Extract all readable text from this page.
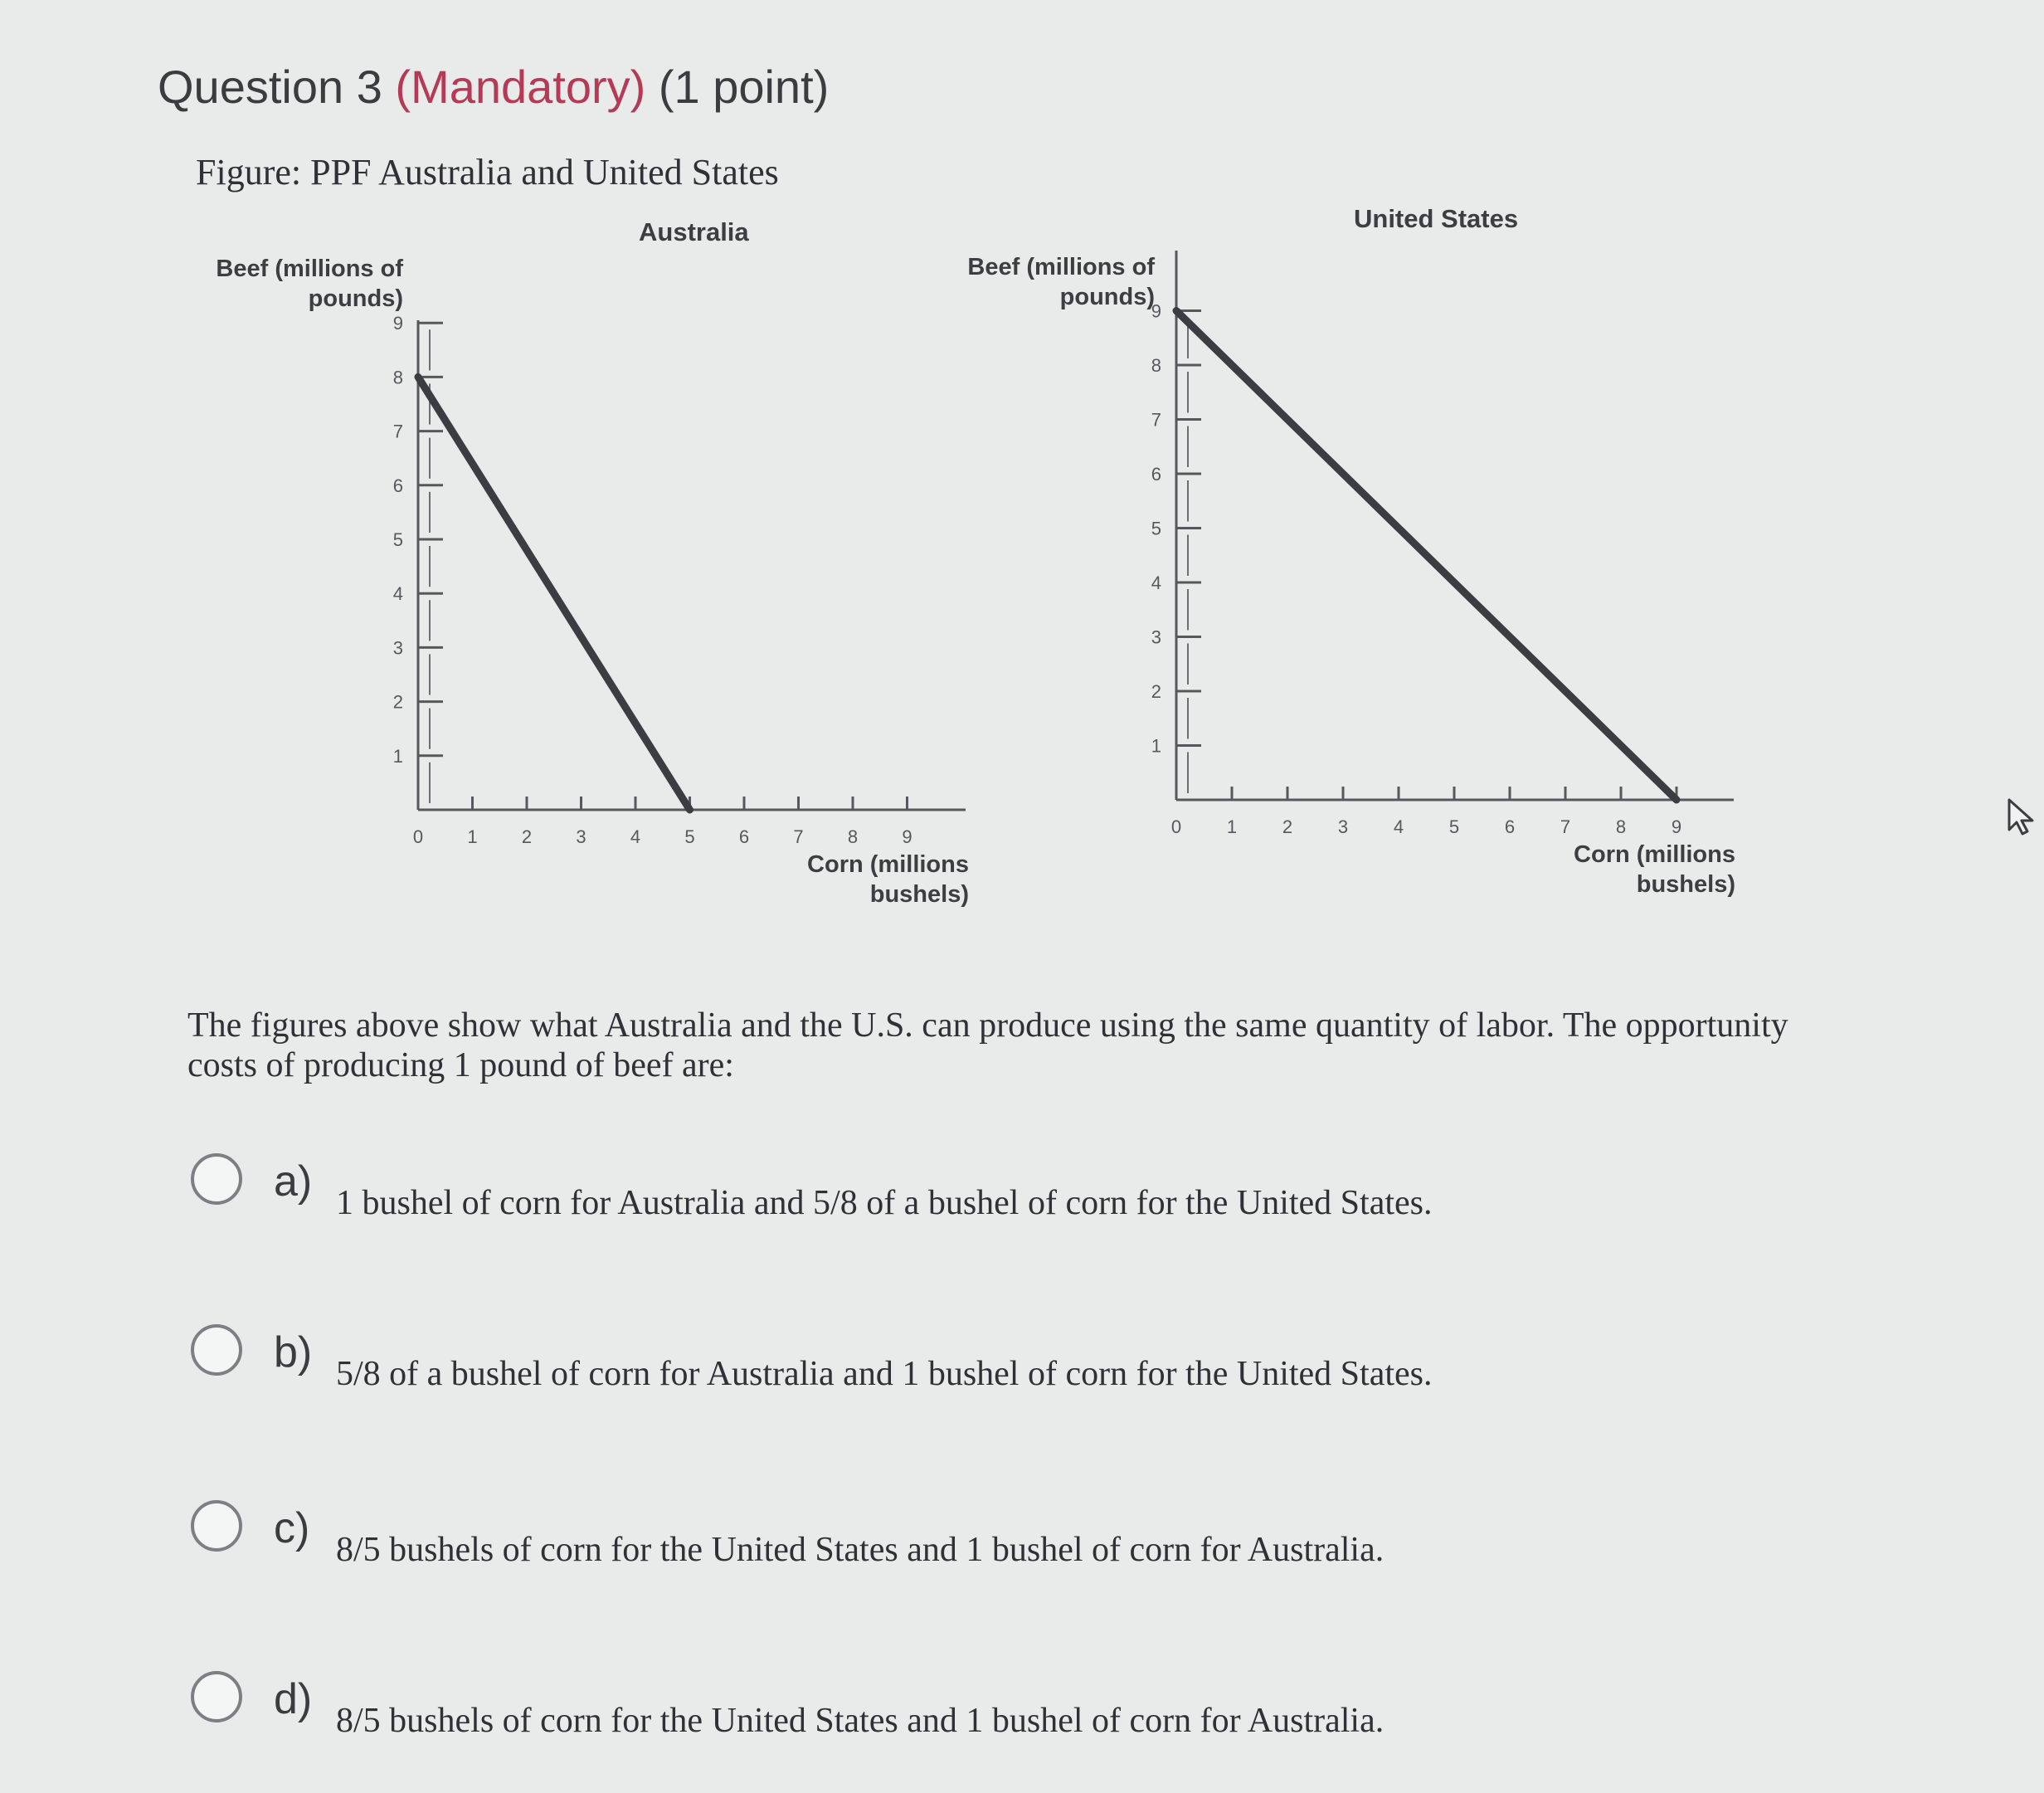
Question 3 (Mandatory) (1 point)
Figure: PPF Australia and United States
Australia
Beef (millions of
pounds)
Corn (millions
bushels)
United States
Beef (millions of
pounds)
Corn (millions
bushels)
0 1 2 3 4 5 6 7 8 9
1
2
3
4
5
6
7
8
9
0 1 2 3 4 5 6 7 8 9
1
2
3
4
5
6
7
8
9
The figures above show what Australia and the U.S. can produce using the same quantity of labor. The opportunity costs of producing 1 pound of beef are:
a) 1 bushel of corn for Australia and 5/8 of a bushel of corn for the United States.
b) 5/8 of a bushel of corn for Australia and 1 bushel of corn for the United States.
c) 8/5 bushels of corn for the United States and 1 bushel of corn for Australia.
d) 8/5 bushels of corn for the United States and 1 bushel of corn for Australia.
